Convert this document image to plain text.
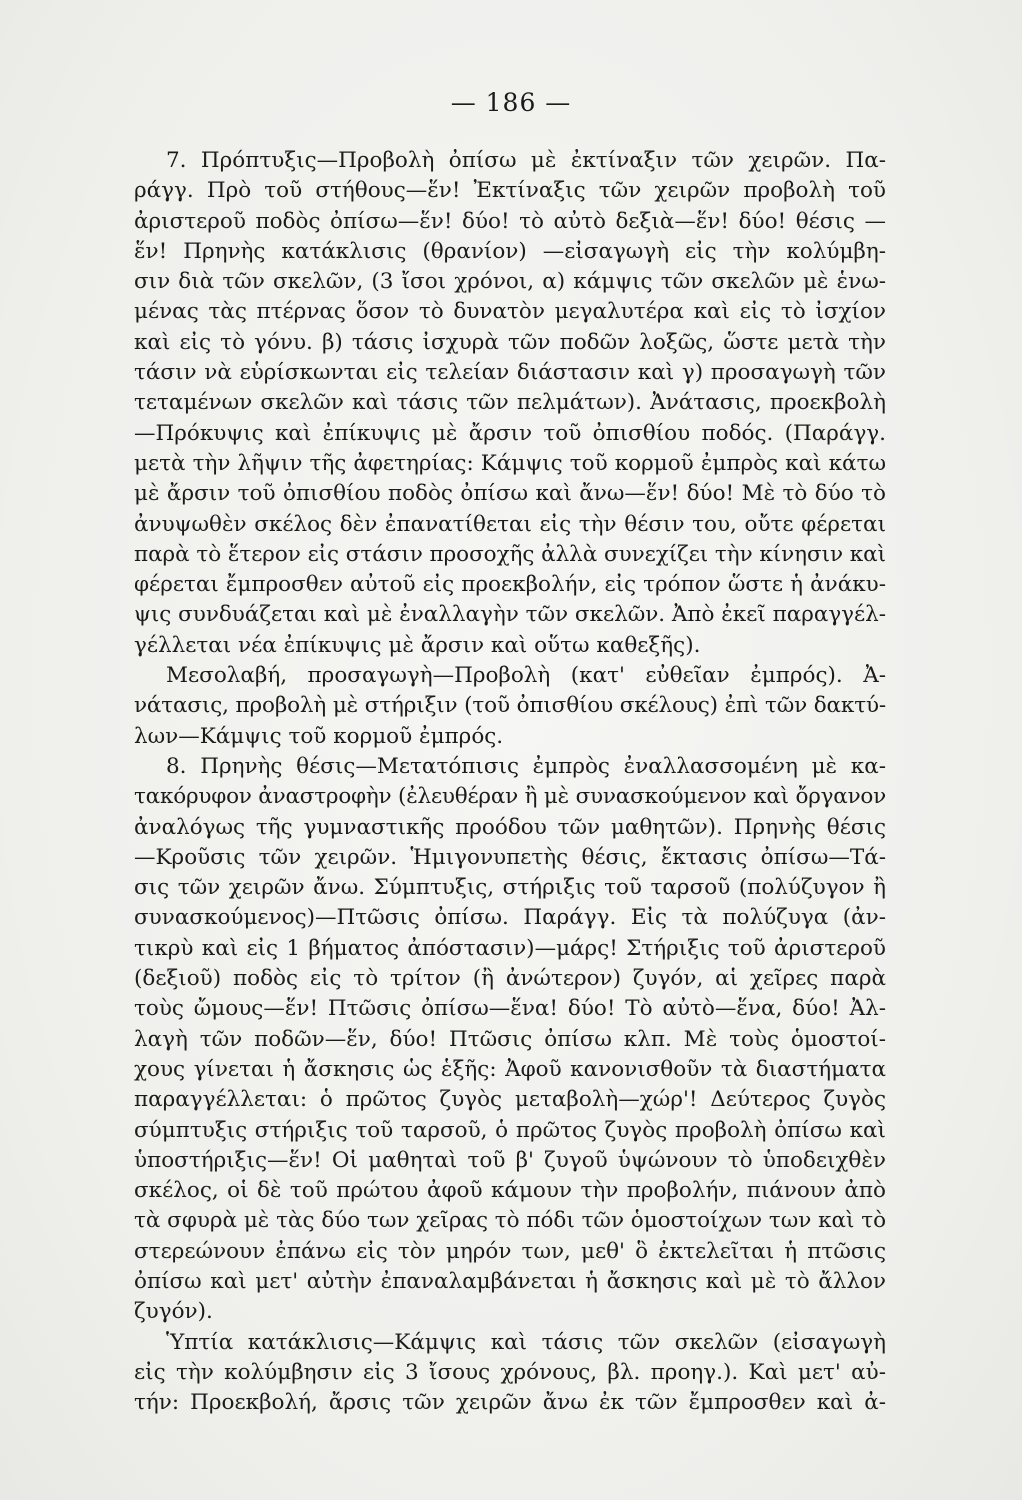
— 186 —
7. Πρόπτυξις—Προβολὴ ὀπίσω μὲ ἐκτίναξιν τῶν χειρῶν. Πα-
ράγγ. Πρὸ τοῦ στήθους—ἕν! Ἐκτίναξις τῶν χειρῶν προβολὴ τοῦ
ἀριστεροῦ ποδὸς ὀπίσω—ἕν! δύο! τὸ αὐτὸ δεξιὰ—ἕν! δύο! θέσις —
ἕν! Πρηνὴς κατάκλισις (θρανίον) —εἰσαγωγὴ εἰς τὴν κολύμβη-
σιν διὰ τῶν σκελῶν, (3 ἴσοι χρόνοι, α) κάμψις τῶν σκελῶν μὲ ἑνω-
μένας τὰς πτέρνας ὅσον τὸ δυνατὸν μεγαλυτέρα καὶ εἰς τὸ ἰσχίον
καὶ εἰς τὸ γόνυ. β) τάσις ἰσχυρὰ τῶν ποδῶν λοξῶς, ὥστε μετὰ τὴν
τάσιν νὰ εὑρίσκωνται εἰς τελείαν διάστασιν καὶ γ) προσαγωγὴ τῶν
τεταμένων σκελῶν καὶ τάσις τῶν πελμάτων). Ἀνάτασις, προεκβολὴ
—Πρόκυψις καὶ ἐπίκυψις μὲ ἄρσιν τοῦ ὀπισθίου ποδός. (Παράγγ.
μετὰ τὴν λῆψιν τῆς ἀφετηρίας: Κάμψις τοῦ κορμοῦ ἐμπρὸς καὶ κάτω
μὲ ἄρσιν τοῦ ὀπισθίου ποδὸς ὀπίσω καὶ ἄνω—ἕν! δύο! Μὲ τὸ δύο τὸ
ἀνυψωθὲν σκέλος δὲν ἐπανατίθεται εἰς τὴν θέσιν του, οὔτε φέρεται
παρὰ τὸ ἕτερον εἰς στάσιν προσοχῆς ἀλλὰ συνεχίζει τὴν κίνησιν καὶ
φέρεται ἔμπροσθεν αὐτοῦ εἰς προεκβολήν, εἰς τρόπον ὥστε ἡ ἀνάκυ-
ψις συνδυάζεται καὶ μὲ ἐναλλαγὴν τῶν σκελῶν. Ἀπὸ ἐκεῖ παραγγέλ-
γέλλεται νέα ἐπίκυψις μὲ ἄρσιν καὶ οὕτω καθεξῆς).
Μεσολαβή, προσαγωγὴ—Προβολὴ (κατ' εὐθεῖαν ἐμπρός). Ἀ-
νάτασις, προβολὴ μὲ στήριξιν (τοῦ ὀπισθίου σκέλους) ἐπὶ τῶν δακτύ-
λων—Κάμψις τοῦ κορμοῦ ἐμπρός.
8. Πρηνὴς θέσις—Μετατόπισις ἐμπρὸς ἐναλλασσομένη μὲ κα-
τακόρυφον ἀναστροφὴν (ἐλευθέραν ἢ μὲ συνασκούμενον καὶ ὄργανον
ἀναλόγως τῆς γυμναστικῆς προόδου τῶν μαθητῶν). Πρηνὴς θέσις
—Κροῦσις τῶν χειρῶν. Ἡμιγονυπετὴς θέσις, ἔκτασις ὀπίσω—Τά-
σις τῶν χειρῶν ἄνω. Σύμπτυξις, στήριξις τοῦ ταρσοῦ (πολύζυγον ἢ
συνασκούμενος)—Πτῶσις ὀπίσω. Παράγγ. Εἰς τὰ πολύζυγα (ἀν-
τικρὺ καὶ εἰς 1 βήματος ἀπόστασιν)—μάρς! Στήριξις τοῦ ἀριστεροῦ
(δεξιοῦ) ποδὸς εἰς τὸ τρίτον (ἢ ἀνώτερον) ζυγόν, αἱ χεῖρες παρὰ
τοὺς ὤμους—ἕν! Πτῶσις ὀπίσω—ἕνα! δύο! Τὸ αὐτὸ—ἕνα, δύο! Ἀλ-
λαγὴ τῶν ποδῶν—ἕν, δύο! Πτῶσις ὀπίσω κλπ. Μὲ τοὺς ὁμοστοί-
χους γίνεται ἡ ἄσκησις ὡς ἑξῆς: Ἀφοῦ κανονισθοῦν τὰ διαστήματα
παραγγέλλεται: ὁ πρῶτος ζυγὸς μεταβολὴ—χώρ'! Δεύτερος ζυγὸς
σύμπτυξις στήριξις τοῦ ταρσοῦ, ὁ πρῶτος ζυγὸς προβολὴ ὀπίσω καὶ
ὑποστήριξις—ἕν! Οἱ μαθηταὶ τοῦ β' ζυγοῦ ὑψώνουν τὸ ὑποδειχθὲν
σκέλος, οἱ δὲ τοῦ πρώτου ἀφοῦ κάμουν τὴν προβολήν, πιάνουν ἀπὸ
τὰ σφυρὰ μὲ τὰς δύο των χεῖρας τὸ πόδι τῶν ὁμοστοίχων των καὶ τὸ
στερεώνουν ἐπάνω εἰς τὸν μηρόν των, μεθ' ὃ ἐκτελεῖται ἡ πτῶσις
ὀπίσω καὶ μετ' αὐτὴν ἐπαναλαμβάνεται ἡ ἄσκησις καὶ μὲ τὸ ἄλλον
ζυγόν).
Ὑπτία κατάκλισις—Κάμψις καὶ τάσις τῶν σκελῶν (εἰσαγωγὴ
εἰς τὴν κολύμβησιν εἰς 3 ἴσους χρόνους, βλ. προηγ.). Καὶ μετ' αὐ-
τήν: Προεκβολή, ἄρσις τῶν χειρῶν ἄνω ἐκ τῶν ἔμπροσθεν καὶ ἀ-
